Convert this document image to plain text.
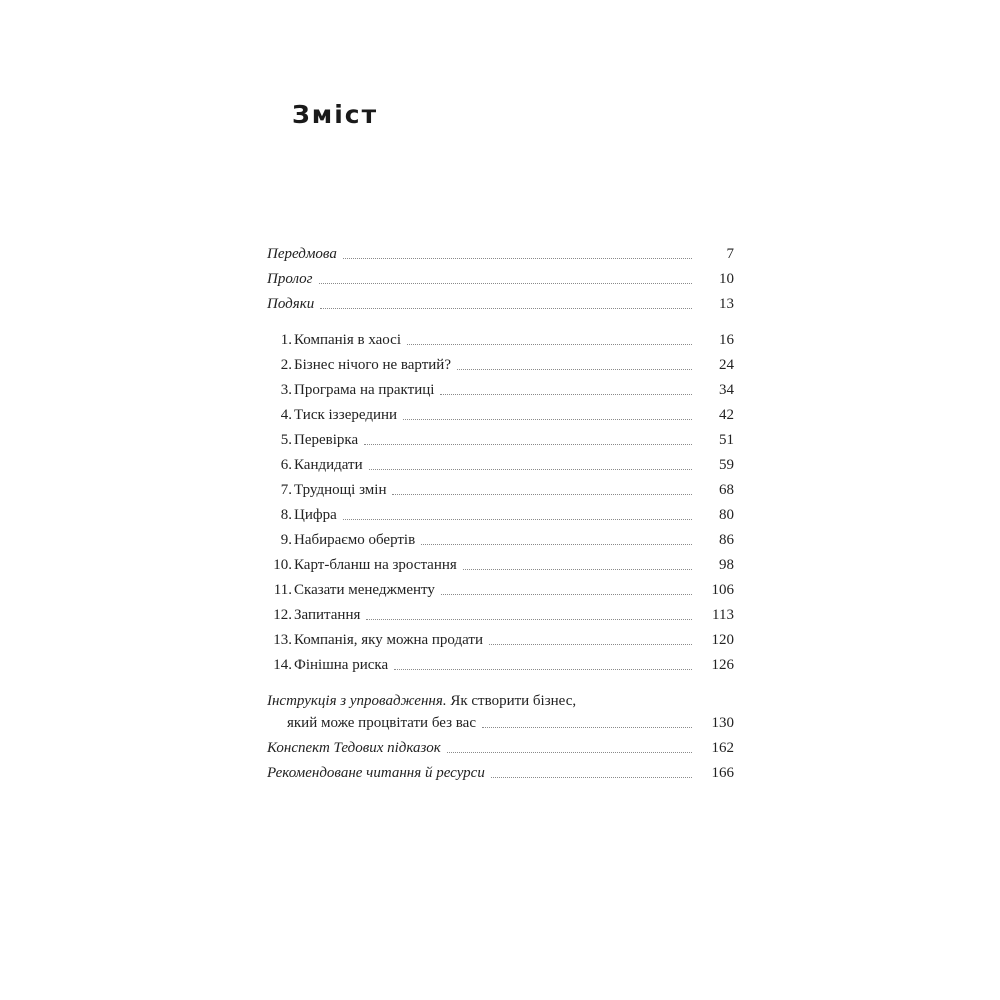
Зміст
Передмова	7
Пролог	10
Подяки	13
1. Компанія в хаосі	16
2. Бізнес нічого не вартий?	24
3. Програма на практиці	34
4. Тиск іззередини	42
5. Перевірка	51
6. Кандидати	59
7. Труднощі змін	68
8. Цифра	80
9. Набираємо обертів	86
10. Карт-бланш на зростання	98
11. Сказати менеджменту	106
12. Запитання	113
13. Компанія, яку можна продати	120
14. Фінішна риска	126
Інструкція з упровадження. Як створити бізнес,
який може процвітати без вас	130
Конспект Тедових підказок	162
Рекомендоване читання й ресурси	166
